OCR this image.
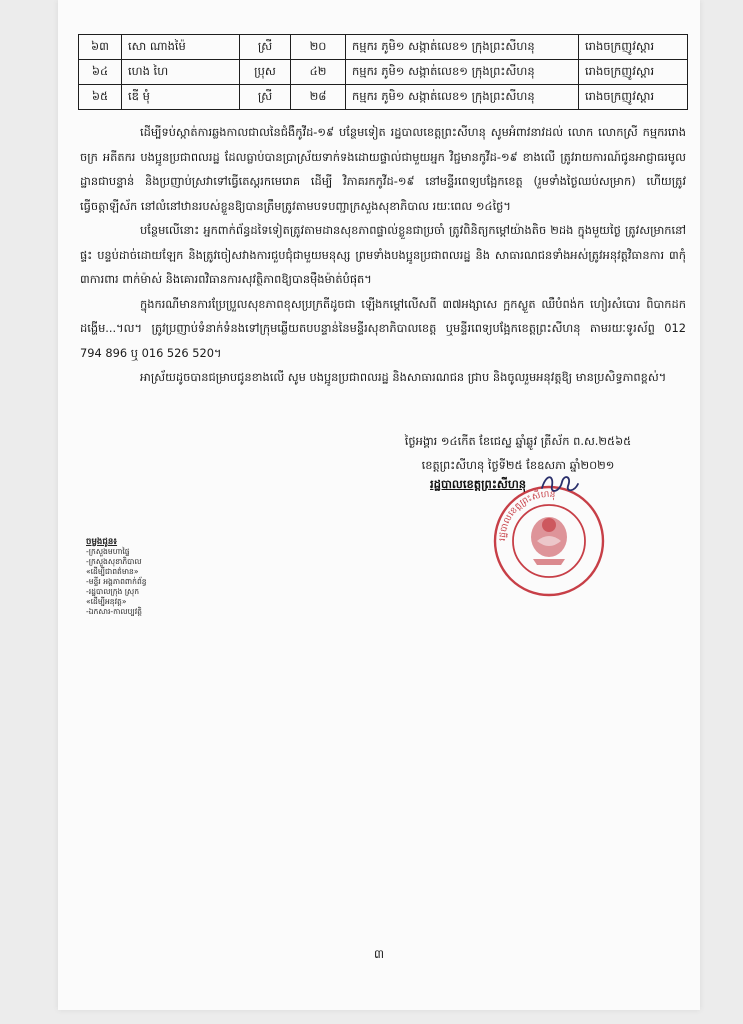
៦៣	សោ ណាងម៉ៃ	ស្រី	២០	កម្មករ ភូមិ១ សង្កាត់លេខ១ ក្រុងព្រះសីហនុ	រោងចក្រញូវស្តារ
៦៤	ហេង ហៃ	ប្រុស	៤២	កម្មករ ភូមិ១ សង្កាត់លេខ១ ក្រុងព្រះសីហនុ	រោងចក្រញូវស្តារ
៦៥	ឌើ មុំ	ស្រី	២៨	កម្មករ ភូមិ១ សង្កាត់លេខ១ ក្រុងព្រះសីហនុ	រោងចក្រញូវស្តារ

ដើម្បីទប់ស្កាត់ការឆ្លងកាលជាលនៃជំងឺកូវីដ-១៩ បន្ថែមទៀត រដ្ឋបាលខេត្តព្រះសីហនុ សូមអំពាវនាវដល់ លោក លោកស្រី កម្មកររោងចក្រ អតីតករ បងប្អូនប្រជាពលរដ្ឋ ដែលធ្លាប់បានប្រាស្រ័យទាក់ទងដោយផ្ទាល់ជាមួយអ្នក វិជ្ជមានកូវីដ-១៩ ខាងលើ ត្រូវរាយការណ៍ជូនអាជ្ញាធរមូលដ្ឋានជាបន្ទាន់ និងប្រញាប់ស្រវាទៅធ្វើតេស្តរកមេរោគ ដើម្បី វិភាគរកកូវីដ-១៩ នៅមន្ទីរពេទ្យបង្អែកខេត្ត (រួមទាំងថ្ងៃឈប់សម្រាក) ហើយត្រូវធ្វើចត្តាឡីស័ក នៅលំនៅឋានរបស់ខ្លួនឱ្យបានត្រឹមត្រូវតាមបទបញ្ជាក្រសួងសុខាភិបាល រយៈពេល ១៤ថ្ងៃ។

បន្ថែមលើនោះ អ្នកពាក់ព័ន្ធដទៃទៀតត្រូវតាមដានសុខភាពផ្ទាល់ខ្លួនជាប្រចាំ ត្រូវពិនិត្យកម្ដៅយ៉ាងតិច ២ដង ក្នុងមួយថ្ងៃ ត្រូវសម្រាកនៅផ្ទះ បន្ទប់ដាច់ដោយឡែក និងត្រូវចៀសវាងការជួបជុំជាមួយមនុស្ស ព្រមទាំងបងប្អូនប្រជាពលរដ្ឋ និង សាធារណជនទាំងអស់ត្រូវអនុវត្តវិធានការ ៣កុំ ៣ការពារ ពាក់ម៉ាស់ និងគោរពវិធានការសុវត្ថិភាពឱ្យបានម៉ឺងម៉ាត់បំផុត។

ក្នុងករណីមានការប្រែប្រួលសុខភាពខុសប្រក្រតីដូចជា ឡើងកម្ដៅលើសពី ៣៧អង្សាសេ ក្អកស្ងួត ឈឺបំពង់ក ហៀរសំបោរ ពិបាកដកដង្ហើម...។ល។ ត្រូវប្រញាប់ទំនាក់ទំនងទៅក្រុមឆ្លើយតបបន្ទាន់នៃមន្ទីរសុខាភិបាលខេត្ត ឬមន្ទីរពេទ្យបង្អែកខេត្តព្រះសីហនុ តាមរយៈទូរស័ព្ទ 012 794 896 ឬ 016 526 520។

អាស្រ័យដូចបានជម្រាបជូនខាងលើ សូម បងប្អូនប្រជាពលរដ្ឋ និងសាធារណជន ជ្រាប និងចូលរួមអនុវត្តឱ្យ មានប្រសិទ្ធភាពខ្ពស់។

ថ្ងៃអង្គារ ១៤កើត ខែជេស្ឋ ឆ្នាំឆ្លូវ ត្រីស័ក ព.ស.២៥៦៥
ខេត្តព្រះសីហនុ ថ្ងៃទី២៥ ខែឧសភា ឆ្នាំ២០២១
រដ្ឋបាលខេត្តព្រះសីហនុ
រដ្ឋបាលខេត្តព្រះសីហនុ
ចម្លងជូន៖
-ក្រសួងមហាផ្ទៃ
-ក្រសួងសុខាភិបាល
«ដើម្បីជាពត៌មាន»
-មន្ទីរ អង្គភាពពាក់ព័ន្ធ
-រដ្ឋបាលក្រុង ស្រុក
«ដើម្បីអនុវត្ត»
-ឯកសារ-កាលប្បវត្តិ
៣
